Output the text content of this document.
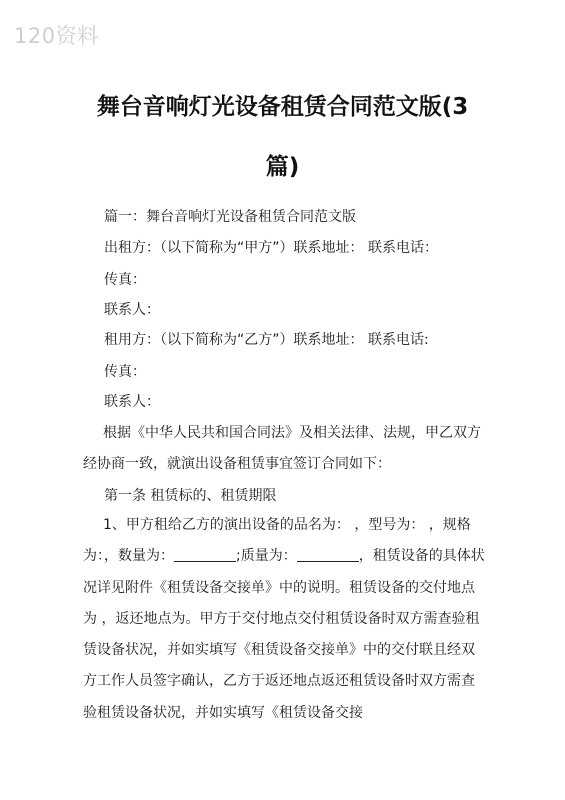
120资料
舞台音响灯光设备租赁合同范文版(3
篇)
篇一：舞台音响灯光设备租赁合同范文版
出租方：（以下简称为“甲方”）联系地址： 联系电话：
传真：
联系人：
租用方：（以下简称为“乙方”）联系地址： 联系电话:
传真：
联系人：
根据《中华人民共和国合同法》及相关法律、法规，甲乙双方经协商一致，就演出设备租赁事宜签订合同如下：
第一条 租赁标的、租赁期限
1、甲方租给乙方的演出设备的品名为： ，型号为： ，规格为：，数量为：	;质量为：	，租赁设备的具体状况详见附件《租赁设备交接单》中的说明。租赁设备的交付地点为 ，返还地点为。甲方于交付地点交付租赁设备时双方需查验租赁设备状况，并如实填写《租赁设备交接单》中的交付联且经双方工作人员签字确认，乙方于返还地点返还租赁设备时双方需查验租赁设备状况，并如实填写《租赁设备交接
